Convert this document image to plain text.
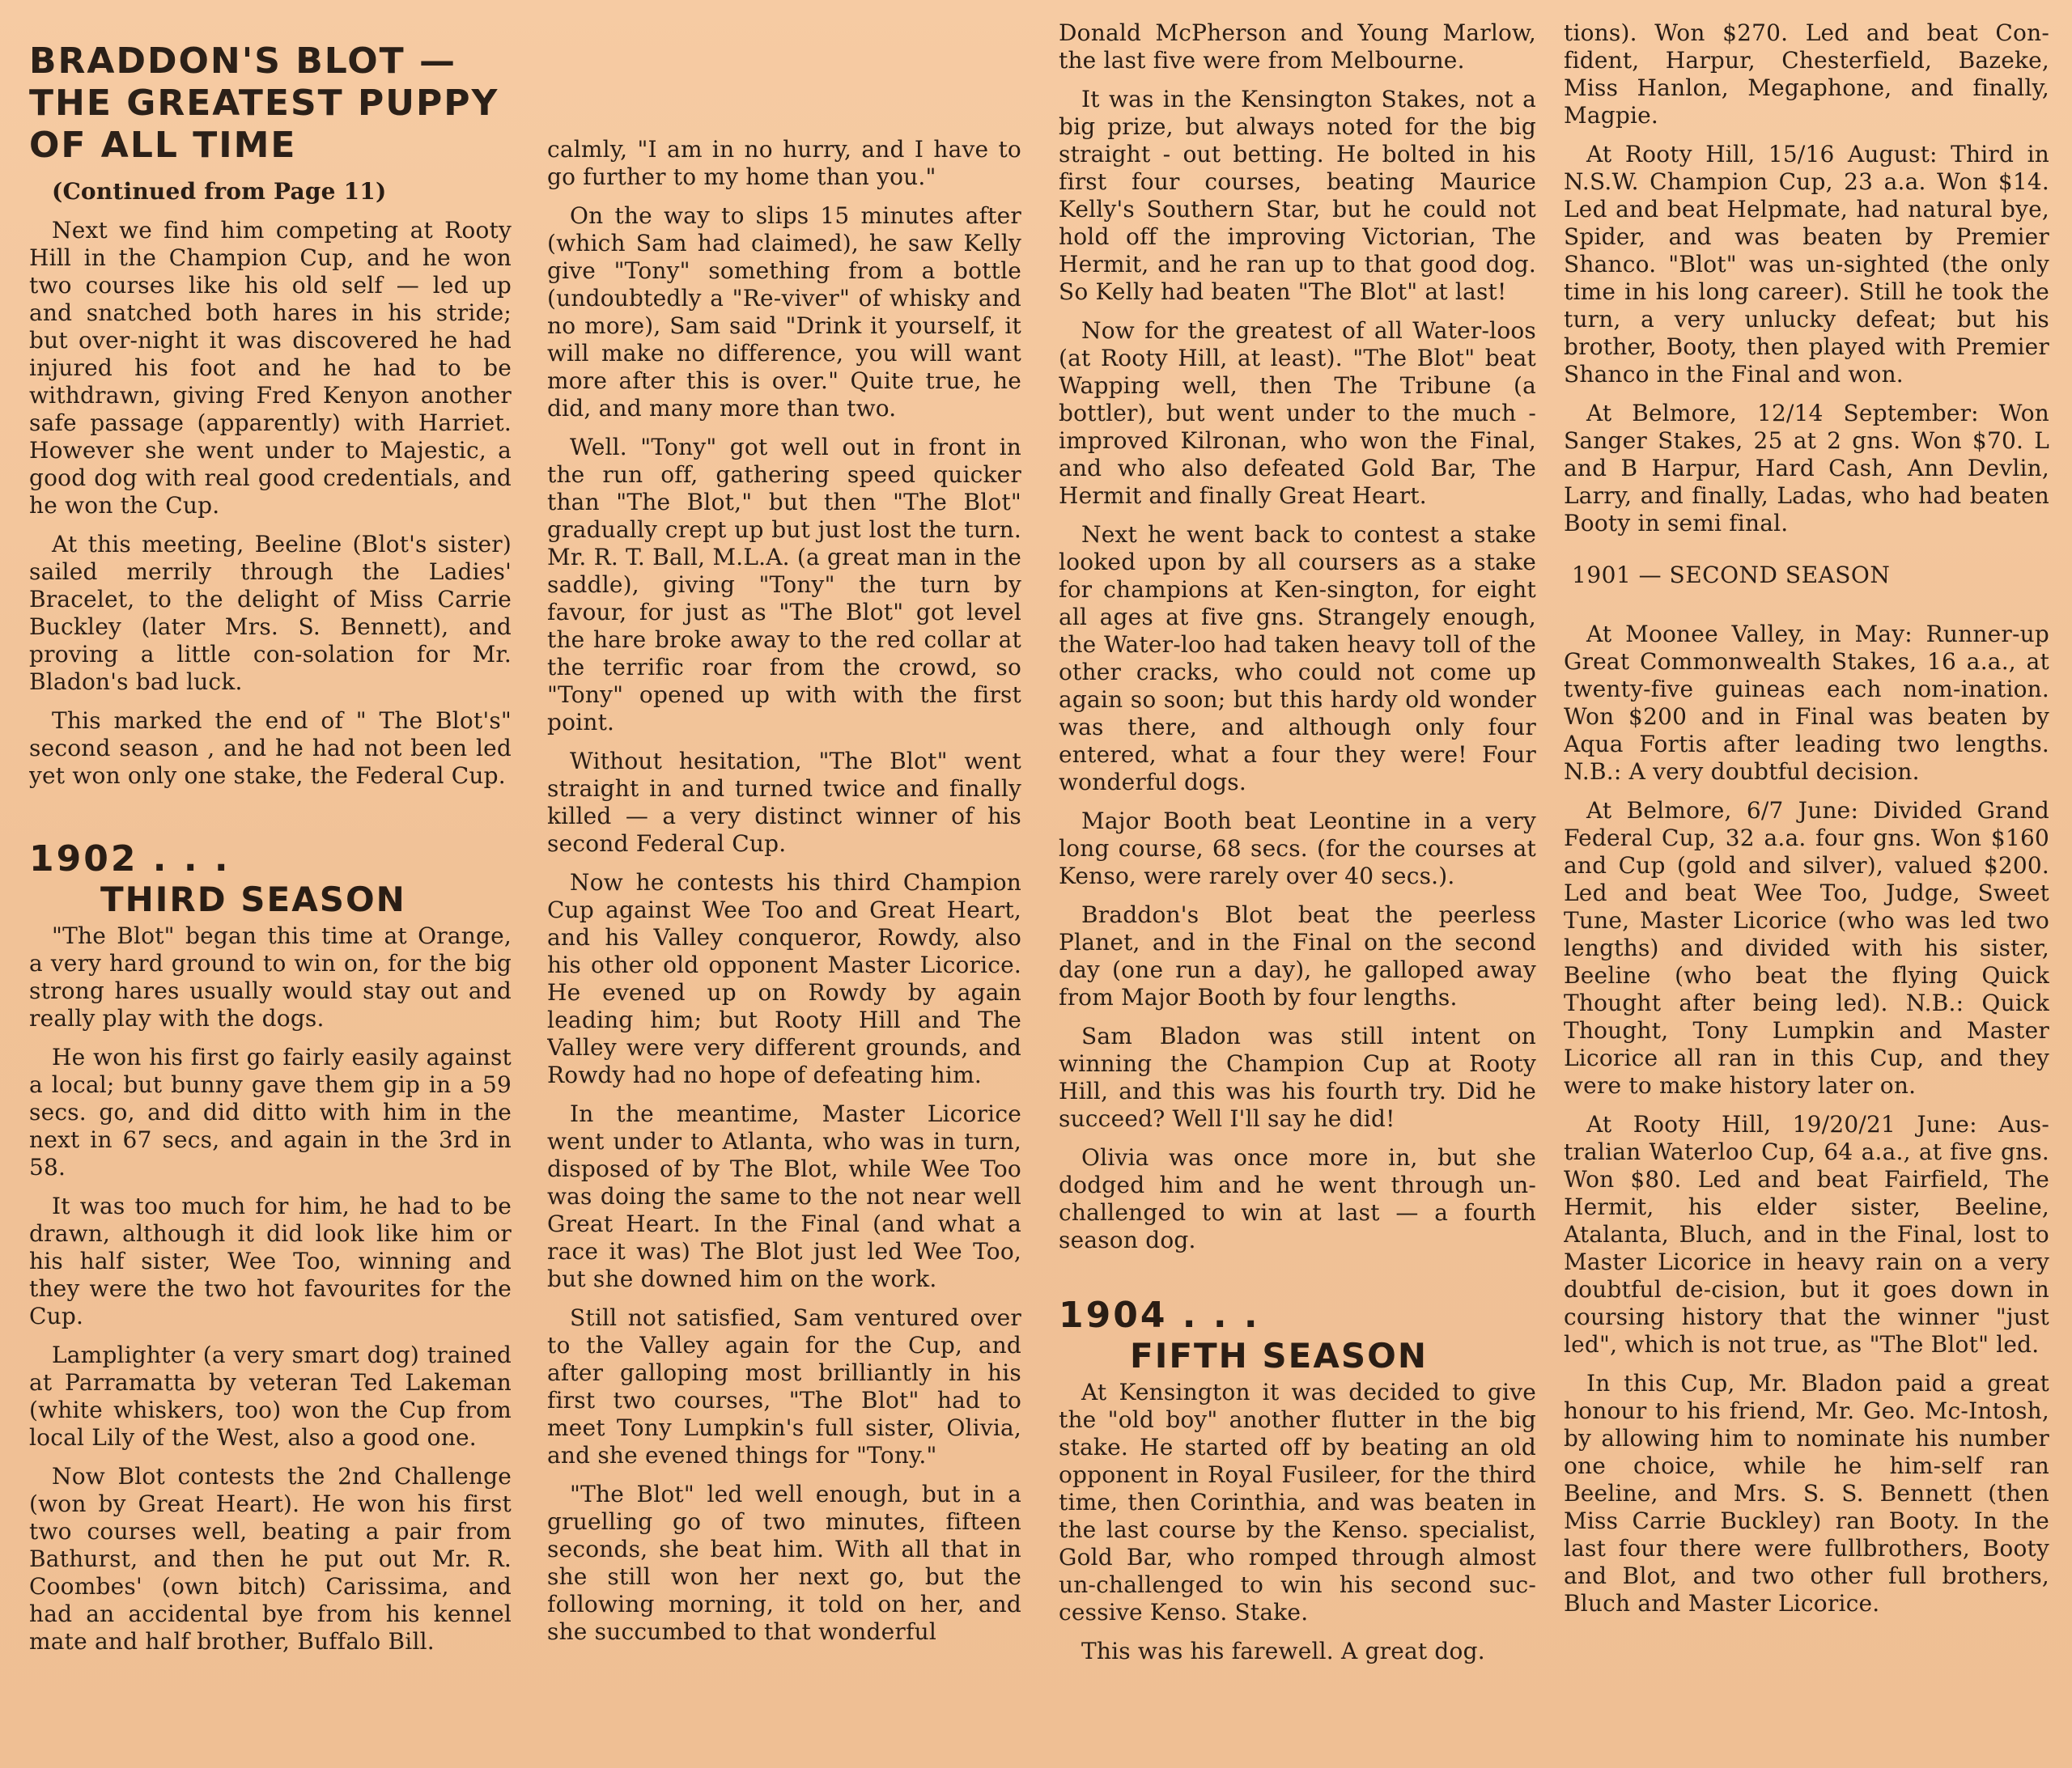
BRADDON'S BLOT —
THE GREATEST PUPPY OF ALL TIME

(Continued from Page 11)

Next we find him competing at Rooty Hill in the Champion Cup, and he won two courses like his old self — led up and snatched both hares in his stride; but over-night it was discovered he had injured his foot and he had to be withdrawn, giving Fred Kenyon another safe passage (apparently) with Harriet. However she went under to Majestic, a good dog with real good credentials, and he won the Cup.

At this meeting, Beeline (Blot's sister) sailed merrily through the Ladies' Bracelet, to the delight of Miss Carrie Buckley (later Mrs. S. Bennett), and proving a little con-solation for Mr. Bladon's bad luck.

This marked the end of " The Blot's" second season , and he had not been led yet won only one stake, the Federal Cup.

1902 . . .
THIRD SEASON

"The Blot" began this time at Orange, a very hard ground to win on, for the big strong hares usually would stay out and really play with the dogs.

He won his first go fairly easily against a local; but bunny gave them gip in a 59 secs. go, and did ditto with him in the next in 67 secs, and again in the 3rd in 58.

It was too much for him, he had to be drawn, although it did look like him or his half sister, Wee Too, winning and they were the two hot favourites for the Cup.

Lamplighter (a very smart dog) trained at Parramatta by veteran Ted Lakeman (white whiskers, too) won the Cup from local Lily of the West, also a good one.

Now Blot contests the 2nd Challenge (won by Great Heart). He won his first two courses well, beating a pair from Bathurst, and then he put out Mr. R. Coombes' (own bitch) Carissima, and had an accidental bye from his kennel mate and half brother, Buffalo Bill.

calmly, "I am in no hurry, and I have to go further to my home than you."

On the way to slips 15 minutes after (which Sam had claimed), he saw Kelly give "Tony" something from a bottle (undoubtedly a "Re-viver" of whisky and no more), Sam said "Drink it yourself, it will make no difference, you will want more after this is over." Quite true, he did, and many more than two.

Well. "Tony" got well out in front in the run off, gathering speed quicker than "The Blot," but then "The Blot" gradually crept up but just lost the turn. Mr. R. T. Ball, M.L.A. (a great man in the saddle), giving "Tony" the turn by favour, for just as "The Blot" got level the hare broke away to the red collar at the terrific roar from the crowd, so "Tony" opened up with with the first point.

Without hesitation, "The Blot" went straight in and turned twice and finally killed — a very distinct winner of his second Federal Cup.

Now he contests his third Champion Cup against Wee Too and Great Heart, and his Valley conqueror, Rowdy, also his other old opponent Master Licorice. He evened up on Rowdy by again leading him; but Rooty Hill and The Valley were very different grounds, and Rowdy had no hope of defeating him.

In the meantime, Master Licorice went under to Atlanta, who was in turn, disposed of by The Blot, while Wee Too was doing the same to the not near well Great Heart. In the Final (and what a race it was) The Blot just led Wee Too, but she downed him on the work.

Still not satisfied, Sam ventured over to the Valley again for the Cup, and after galloping most brilliantly in his first two courses, "The Blot" had to meet Tony Lumpkin's full sister, Olivia, and she evened things for "Tony."

"The Blot" led well enough, but in a gruelling go of two minutes, fifteen seconds, she beat him. With all that in she still won her next go, but the following morning, it told on her, and she succumbed to that wonderful

Donald McPherson and Young Marlow, the last five were from Melbourne.

It was in the Kensington Stakes, not a big prize, but always noted for the big straight - out betting. He bolted in his first four courses, beating Maurice Kelly's Southern Star, but he could not hold off the improving Victorian, The Hermit, and he ran up to that good dog. So Kelly had beaten "The Blot" at last!

Now for the greatest of all Water-loos (at Rooty Hill, at least). "The Blot" beat Wapping well, then The Tribune (a bottler), but went under to the much - improved Kilronan, who won the Final, and who also defeated Gold Bar, The Hermit and finally Great Heart.

Next he went back to contest a stake looked upon by all coursers as a stake for champions at Ken-sington, for eight all ages at five gns. Strangely enough, the Water-loo had taken heavy toll of the other cracks, who could not come up again so soon; but this hardy old wonder was there, and although only four entered, what a four they were! Four wonderful dogs.

Major Booth beat Leontine in a very long course, 68 secs. (for the courses at Kenso, were rarely over 40 secs.).

Braddon's Blot beat the peerless Planet, and in the Final on the second day (one run a day), he galloped away from Major Booth by four lengths.

Sam Bladon was still intent on winning the Champion Cup at Rooty Hill, and this was his fourth try. Did he succeed? Well I'll say he did!

Olivia was once more in, but she dodged him and he went through un-challenged to win at last — a fourth season dog.

1904 . . .
FIFTH SEASON

At Kensington it was decided to give the "old boy" another flutter in the big stake. He started off by beating an old opponent in Royal Fusileer, for the third time, then Corinthia, and was beaten in the last course by the Kenso. specialist, Gold Bar, who romped through almost un-challenged to win his second suc-cessive Kenso. Stake.

This was his farewell. A great dog.

tions). Won $270. Led and beat Con-fident, Harpur, Chesterfield, Bazeke, Miss Hanlon, Megaphone, and finally, Magpie.

At Rooty Hill, 15/16 August: Third in N.S.W. Champion Cup, 23 a.a. Won $14. Led and beat Helpmate, had natural bye, Spider, and was beaten by Premier Shanco. "Blot" was un-sighted (the only time in his long career). Still he took the turn, a very unlucky defeat; but his brother, Booty, then played with Premier Shanco in the Final and won.

At Belmore, 12/14 September: Won Sanger Stakes, 25 at 2 gns. Won $70. L and B Harpur, Hard Cash, Ann Devlin, Larry, and finally, Ladas, who had beaten Booty in semi final.

1901 — SECOND SEASON

At Moonee Valley, in May: Runner-up Great Commonwealth Stakes, 16 a.a., at twenty-five guineas each nom-ination. Won $200 and in Final was beaten by Aqua Fortis after leading two lengths. N.B.: A very doubtful decision.

At Belmore, 6/7 June: Divided Grand Federal Cup, 32 a.a. four gns. Won $160 and Cup (gold and silver), valued $200. Led and beat Wee Too, Judge, Sweet Tune, Master Licorice (who was led two lengths) and divided with his sister, Beeline (who beat the flying Quick Thought after being led). N.B.: Quick Thought, Tony Lumpkin and Master Licorice all ran in this Cup, and they were to make history later on.

At Rooty Hill, 19/20/21 June: Aus-tralian Waterloo Cup, 64 a.a., at five gns. Won $80. Led and beat Fairfield, The Hermit, his elder sister, Beeline, Atalanta, Bluch, and in the Final, lost to Master Licorice in heavy rain on a very doubtful de-cision, but it goes down in coursing history that the winner "just led", which is not true, as "The Blot" led.

In this Cup, Mr. Bladon paid a great honour to his friend, Mr. Geo. Mc-Intosh, by allowing him to nominate his number one choice, while he him-self ran Beeline, and Mrs. S. S. Bennett (then Miss Carrie Buckley) ran Booty. In the last four there were fullbrothers, Booty and Blot, and two other full brothers, Bluch and Master Licorice.
